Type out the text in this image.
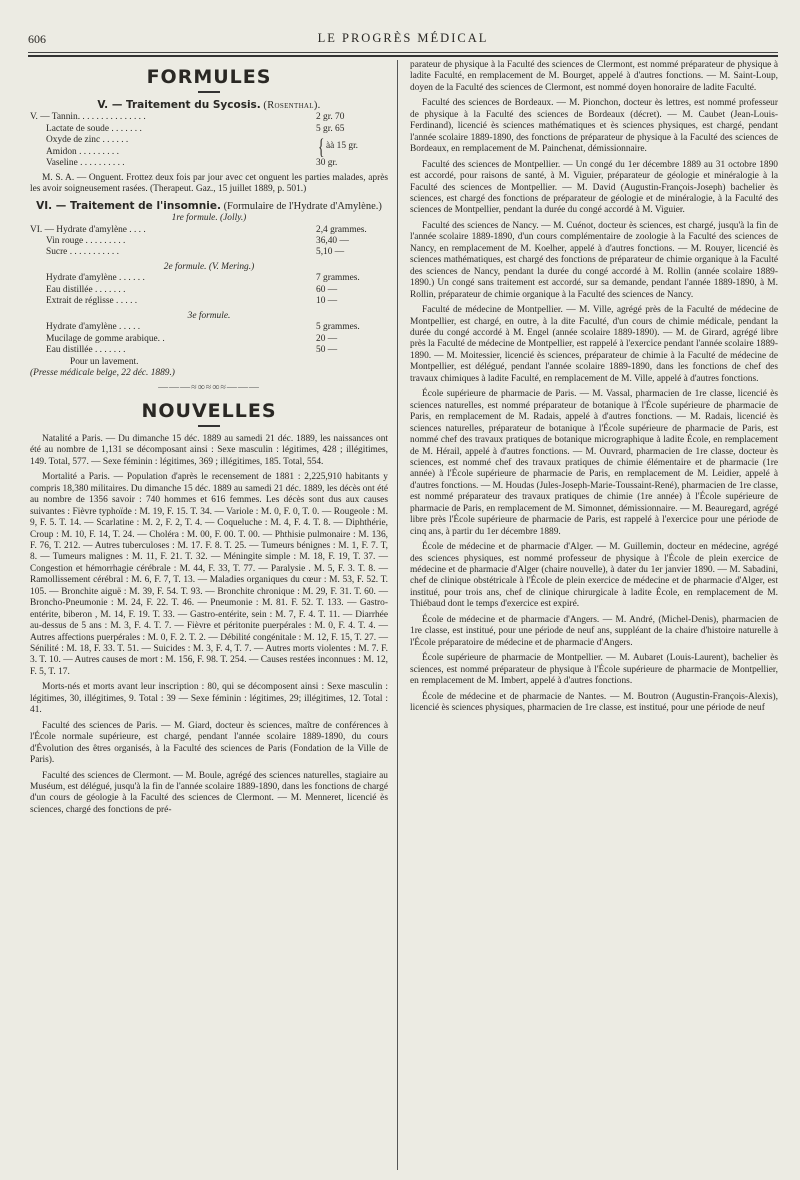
606	LE PROGRÈS MÉDICAL
FORMULES
V. — Traitement du Sycosis. (Rosenthal).
V. — Tannin. . . . . . . . . . . . . . .	2 gr. 70
Lactate de soude . . . . . . .	5 gr. 65
Oxyde de zinc . . . . . .
Amidon . . . . . . . . .	{ àà 15 gr.
Vaseline . . . . . . . . . .	30 gr.

M. S. A. — Onguent. Frottez deux fois par jour avec cet onguent les parties malades, après les avoir soigneusement rasées. (Therapeut. Gaz., 15 juillet 1889, p. 501.)

VI. — Traitement de l'insomnie. (Formulaire de l'Hydrate d'Amylène.)
1re formule. (Jolly.)
VI. — Hydrate d'amylène . . . .	2,4 grammes.
Vin rouge . . . . . . . . .	36,40 —
Sucre . . . . . . . . . . .	5,10 —
2e formule. (V. Mering.)
Hydrate d'amylène . . . . . .	7 grammes.
Eau distillée . . . . . . .	60 —
Extrait de réglisse . . . . .	10 —
3e formule.
Hydrate d'amylène . . . . .	5 grammes.
Mucilage de gomme arabique. .	20 —
Eau distillée . . . . . . .	50 —
Pour un lavement.
(Presse médicale belge, 22 déc. 1889.)
———≈∞≈∞≈———
NOUVELLES

Natalité a Paris. — Du dimanche 15 déc. 1889 au samedi 21 déc. 1889, les naissances ont été au nombre de 1,131 se décomposant ainsi : Sexe masculin : légitimes, 428 ; illégitimes, 149. Total, 577. — Sexe féminin : légitimes, 369 ; illégitimes, 185. Total, 554.

Mortalité a Paris. — Population d'après le recensement de 1881 : 2,225,910 habitants y compris 18,380 militaires. Du dimanche 15 déc. 1889 au samedi 21 déc. 1889, les décès ont été au nombre de 1356 savoir : 740 hommes et 616 femmes. Les décès sont dus aux causes suivantes : Fièvre typhoïde : M. 19, F. 15. T. 34. — Variole : M. 0, F. 0, T. 0. — Rougeole : M. 9, F. 5. T. 14. — Scarlatine : M. 2, F. 2, T. 4. — Coqueluche : M. 4, F. 4. T. 8. — Diphthérie, Croup : M. 10, F. 14, T. 24. — Choléra : M. 00, F. 00. T. 00. — Phthisie pulmonaire : M. 136, F. 76, T. 212. — Autres tuberculoses : M. 17. F. 8. T. 25. — Tumeurs bénignes : M. 1, F. 7. T, 8. — Tumeurs malignes : M. 11, F. 21. T. 32. — Méningite simple : M. 18, F. 19, T. 37. — Congestion et hémorrhagie cérébrale : M. 44, F. 33, T. 77. — Paralysie . M. 5, F. 3. T. 8. — Ramollissement cérébral : M. 6, F. 7, T. 13. — Maladies organiques du cœur : M. 53, F. 52. T. 105. — Bronchite aiguë : M. 39, F. 54. T. 93. — Bronchite chronique : M. 29, F. 31. T. 60. — Broncho-Pneumonie : M. 24, F. 22. T. 46. — Pneumonie : M. 81. F. 52. T. 133. — Gastro-entérite, biberon , M. 14, F. 19. T. 33. — Gastro-entérite, sein : M. 7, F. 4. T. 11. — Diarrhée au-dessus de 5 ans : M. 3, F. 4. T. 7. — Fièvre et péritonite puerpérales : M. 0, F. 4. T. 4. — Autres affections puerpérales : M. 0, F. 2. T. 2. — Débilité congénitale : M. 12, F. 15, T. 27. — Sénilité : M. 18, F. 33. T. 51. — Suicides : M. 3, F. 4, T. 7. — Autres morts violentes : M. 7. F. 3. T. 10. — Autres causes de mort : M. 156, F. 98. T. 254. — Causes restées inconnues : M. 12, F. 5, T. 17.

Morts-nés et morts avant leur inscription : 80, qui se décomposent ainsi : Sexe masculin : légitimes, 30, illégitimes, 9. Total : 39 — Sexe féminin : légitimes, 29; illégitimes, 12. Total : 41.

Faculté des sciences de Paris. — M. Giard, docteur ès sciences, maître de conférences à l'École normale supérieure, est chargé, pendant l'année scolaire 1889-1890, du cours d'Évolution des êtres organisés, à la Faculté des sciences de Paris (Fondation de la Ville de Paris).

Faculté des sciences de Clermont. — M. Boule, agrégé des sciences naturelles, stagiaire au Muséum, est délégué, jusqu'à la fin de l'année scolaire 1889-1890, dans les fonctions de chargé d'un cours de géologie à la Faculté des sciences de Clermont. — M. Menneret, licencié ès sciences, chargé des fonctions de pré-

parateur de physique à la Faculté des sciences de Clermont, est nommé préparateur de physique à ladite Faculté, en remplacement de M. Bourget, appelé à d'autres fonctions. — M. Saint-Loup, doyen de la Faculté des sciences de Clermont, est nommé doyen honoraire de ladite Faculté.

Faculté des sciences de Bordeaux. — M. Pionchon, docteur ès lettres, est nommé professeur de physique à la Faculté des sciences de Bordeaux (décret). — M. Caubet (Jean-Louis-Ferdinand), licencié ès sciences mathématiques et ès sciences physiques, est chargé, pendant l'année scolaire 1889-1890, des fonctions de préparateur de physique à la Faculté des sciences de Bordeaux, en remplacement de M. Painchenat, démissionnaire.

Faculté des sciences de Montpellier. — Un congé du 1er décembre 1889 au 31 octobre 1890 est accordé, pour raisons de santé, à M. Viguier, préparateur de géologie et minéralogie à la Faculté des sciences de Montpellier. — M. David (Augustin-François-Joseph) bachelier ès sciences, est chargé des fonctions de préparateur de géologie et de minéralogie, à la Faculté des sciences de Montpellier, pendant la durée du congé accordé à M. Viguier.

Faculté des sciences de Nancy. — M. Cuénot, docteur ès sciences, est chargé, jusqu'à la fin de l'année scolaire 1889-1890, d'un cours complémentaire de zoologie à la Faculté des sciences de Nancy, en remplacement de M. Koelher, appelé à d'autres fonctions. — M. Rouyer, licencié ès sciences mathématiques, est chargé des fonctions de préparateur de chimie organique à la Faculté des sciences de Nancy, pendant la durée du congé accordé à M. Rollin (année scolaire 1889-1890.) Un congé sans traitement est accordé, sur sa demande, pendant l'année 1889-1890, à M. Rollin, préparateur de chimie organique à la Faculté des sciences de Nancy.

Faculté de médecine de Montpellier. — M. Ville, agrégé près de la Faculté de médecine de Montpellier, est chargé, en outre, à la dite Faculté, d'un cours de chimie médicale, pendant la durée du congé accordé à M. Engel (année scolaire 1889-1890). — M. de Girard, agrégé libre près la Faculté de médecine de Montpellier, est rappelé à l'exercice pendant l'année scolaire 1889-1890. — M. Moitessier, licencié ès sciences, préparateur de chimie à la Faculté de médecine de Montpellier, est délégué, pendant l'année scolaire 1889-1890, dans les fonctions de chef des travaux chimiques à ladite Faculté, en remplacement de M. Ville, appelé à d'autres fonctions.

École supérieure de pharmacie de Paris. — M. Vassal, pharmacien de 1re classe, licencié ès sciences naturelles, est nommé préparateur de botanique à l'École supérieure de pharmacie de Paris, en remplacement de M. Radais, appelé à d'autres fonctions. — M. Radais, licencié ès sciences naturelles, préparateur de botanique à l'École supérieure de pharmacie de Paris, est nommé chef des travaux pratiques de botanique micrographique à ladite École, en remplacement de M. Hérail, appelé à d'autres fonctions. — M. Ouvrard, pharmacien de 1re classe, docteur ès sciences, est nommé chef des travaux pratiques de chimie élémentaire et de pharmacie (1re année) à l'École supérieure de pharmacie de Paris, en remplacement de M. Leidier, appelé à d'autres fonctions. — M. Houdas (Jules-Joseph-Marie-Toussaint-René), pharmacien de 1re classe, est nommé préparateur des travaux pratiques de chimie (1re année) à l'École supérieure de pharmacie de Paris, en remplacement de M. Simonnet, démissionnaire. — M. Beauregard, agrégé libre près l'École supérieure de pharmacie de Paris, est rappelé à l'exercice pour une période de cinq ans, à partir du 1er décembre 1889.

École de médecine et de pharmacie d'Alger. — M. Guillemin, docteur en médecine, agrégé des sciences physiques, est nommé professeur de physique à l'École de plein exercice de médecine et de pharmacie d'Alger (chaire nouvelle), à dater du 1er janvier 1890. — M. Sabadini, chef de clinique obstétricale à l'École de plein exercice de médecine et de pharmacie d'Alger, est institué, pour trois ans, chef de clinique chirurgicale à ladite École, en remplacement de M. Thiébaud dont le temps d'exercice est expiré.

École de médecine et de pharmacie d'Angers. — M. André, (Michel-Denis), pharmacien de 1re classe, est institué, pour une période de neuf ans, suppléant de la chaire d'histoire naturelle à l'École préparatoire de médecine et de pharmacie d'Angers.

École supérieure de pharmacie de Montpellier. — M. Aubaret (Louis-Laurent), bachelier ès sciences, est nommé préparateur de physique à l'École supérieure de pharmacie de Montpellier, en remplacement de M. Imbert, appelé à d'autres fonctions.

École de médecine et de pharmacie de Nantes. — M. Boutron (Augustin-François-Alexis), licencié ès sciences physiques, pharmacien de 1re classe, est institué, pour une période de neuf
